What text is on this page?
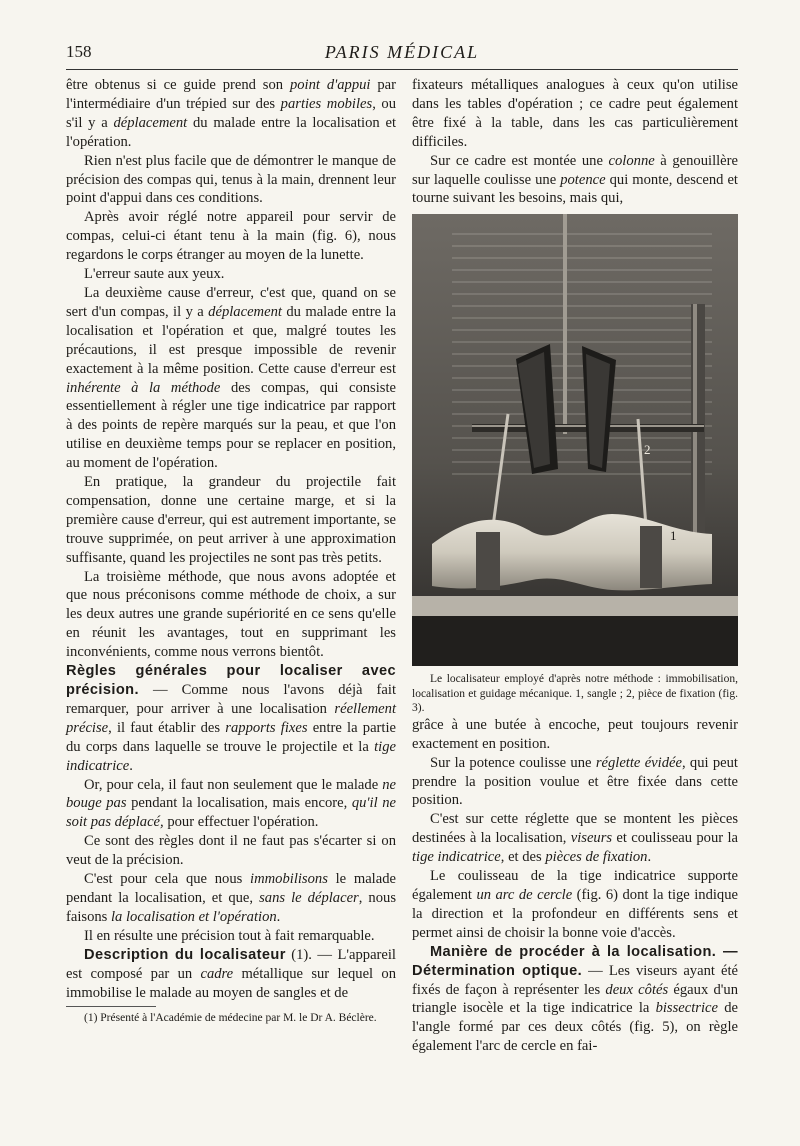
158	PARIS MÉDICAL

être obtenus si ce guide prend son point d'appui par l'intermédiaire d'un trépied sur des parties mobiles, ou s'il y a déplacement du malade entre la localisation et l'opération.

Rien n'est plus facile que de démontrer le manque de précision des compas qui, tenus à la main, drennent leur point d'appui dans ces conditions.

Après avoir réglé notre appareil pour servir de compas, celui-ci étant tenu à la main (fig. 6), nous regardons le corps étranger au moyen de la lunette.

L'erreur saute aux yeux.

La deuxième cause d'erreur, c'est que, quand on se sert d'un compas, il y a déplacement du malade entre la localisation et l'opération et que, malgré toutes les précautions, il est presque impossible de revenir exactement à la même position. Cette cause d'erreur est inhérente à la méthode des compas, qui consiste essentiellement à régler une tige indicatrice par rapport à des points de repère marqués sur la peau, et que l'on utilise en deuxième temps pour se replacer en position, au moment de l'opération.

En pratique, la grandeur du projectile fait compensation, donne une certaine marge, et si la première cause d'erreur, qui est autrement importante, se trouve supprimée, on peut arriver à une approximation suffisante, quand les projectiles ne sont pas très petits.

La troisième méthode, que nous avons adoptée et que nous préconisons comme méthode de choix, a sur les deux autres une grande supériorité en ce sens qu'elle en réunit les avantages, tout en supprimant les inconvénients, comme nous verrons bientôt.

Règles générales pour localiser avec précision. — Comme nous l'avons déjà fait remarquer, pour arriver à une localisation réellement précise, il faut établir des rapports fixes entre la partie du corps dans laquelle se trouve le projectile et la tige indicatrice.

Or, pour cela, il faut non seulement que le malade ne bouge pas pendant la localisation, mais encore, qu'il ne soit pas déplacé, pour effectuer l'opération.

Ce sont des règles dont il ne faut pas s'écarter si on veut de la précision.

C'est pour cela que nous immobilisons le malade pendant la localisation, et que, sans le déplacer, nous faisons la localisation et l'opération.

Il en résulte une précision tout à fait remarquable.

Description du localisateur (1). — L'appareil est composé par un cadre métallique sur lequel on immobilise le malade au moyen de sangles et de

(1) Présenté à l'Académie de médecine par M. le Dr A. Béclère.

fixateurs métalliques analogues à ceux qu'on utilise dans les tables d'opération ; ce cadre peut également être fixé à la table, dans les cas particulièrement difficiles.

Sur ce cadre est montée une colonne à genouillère sur laquelle coulisse une potence qui monte, descend et tourne suivant les besoins, mais qui,

2
1

Le localisateur employé d'après notre méthode : immobilisation, localisation et guidage mécanique. 1, sangle ; 2, pièce de fixation (fig. 3).

grâce à une butée à encoche, peut toujours revenir exactement en position.

Sur la potence coulisse une réglette évidée, qui peut prendre la position voulue et être fixée dans cette position.

C'est sur cette réglette que se montent les pièces destinées à la localisation, viseurs et coulisseau pour la tige indicatrice, et des pièces de fixation.

Le coulisseau de la tige indicatrice supporte également un arc de cercle (fig. 6) dont la tige indique la direction et la profondeur en différents sens et permet ainsi de choisir la bonne voie d'accès.

Manière de procéder à la localisation. — Détermination optique. — Les viseurs ayant été fixés de façon à représenter les deux côtés égaux d'un triangle isocèle et la tige indicatrice la bissectrice de l'angle formé par ces deux côtés (fig. 5), on règle également l'arc de cercle en fai-
